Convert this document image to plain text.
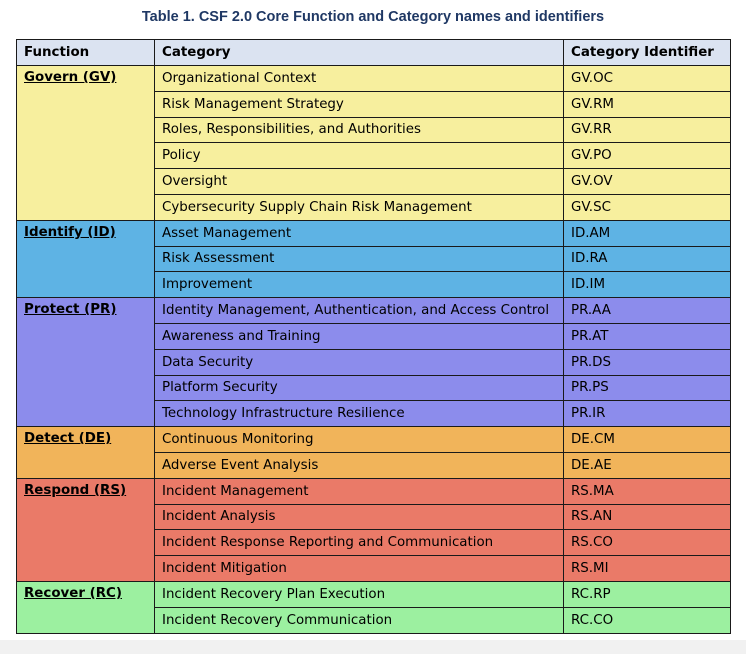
Table 1. CSF 2.0 Core Function and Category names and identifiers
Function	Category	Category Identifier
Govern (GV)	Organizational Context	GV.OC
	Risk Management Strategy	GV.RM
	Roles, Responsibilities, and Authorities	GV.RR
	Policy	GV.PO
	Oversight	GV.OV
	Cybersecurity Supply Chain Risk Management	GV.SC
Identify (ID)	Asset Management	ID.AM
	Risk Assessment	ID.RA
	Improvement	ID.IM
Protect (PR)	Identity Management, Authentication, and Access Control	PR.AA
	Awareness and Training	PR.AT
	Data Security	PR.DS
	Platform Security	PR.PS
	Technology Infrastructure Resilience	PR.IR
Detect (DE)	Continuous Monitoring	DE.CM
	Adverse Event Analysis	DE.AE
Respond (RS)	Incident Management	RS.MA
	Incident Analysis	RS.AN
	Incident Response Reporting and Communication	RS.CO
	Incident Mitigation	RS.MI
Recover (RC)	Incident Recovery Plan Execution	RC.RP
	Incident Recovery Communication	RC.CO
